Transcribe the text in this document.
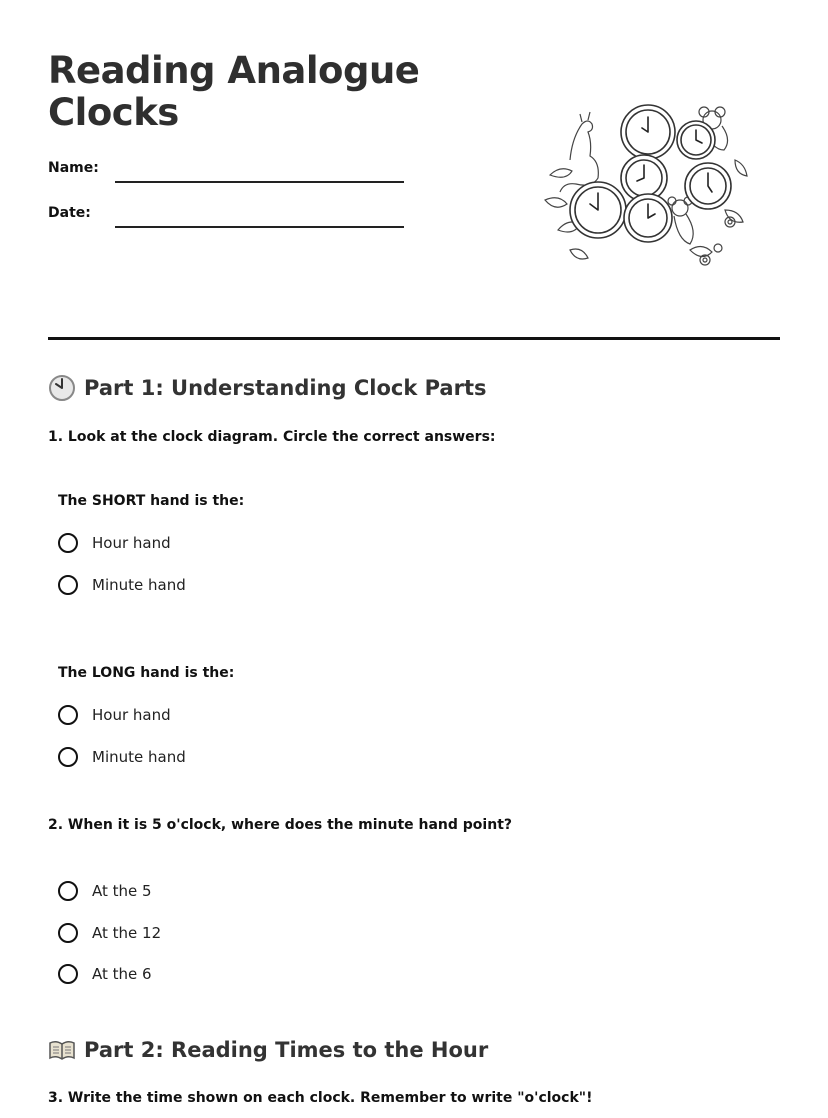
Reading Analogue Clocks
Name:
Date:
Part 1: Understanding Clock Parts
1. Look at the clock diagram. Circle the correct answers:
The SHORT hand is the:
Hour hand
Minute hand
The LONG hand is the:
Hour hand
Minute hand
2. When it is 5 o'clock, where does the minute hand point?
At the 5
At the 12
At the 6
Part 2: Reading Times to the Hour
3. Write the time shown on each clock. Remember to write "o'clock"!
